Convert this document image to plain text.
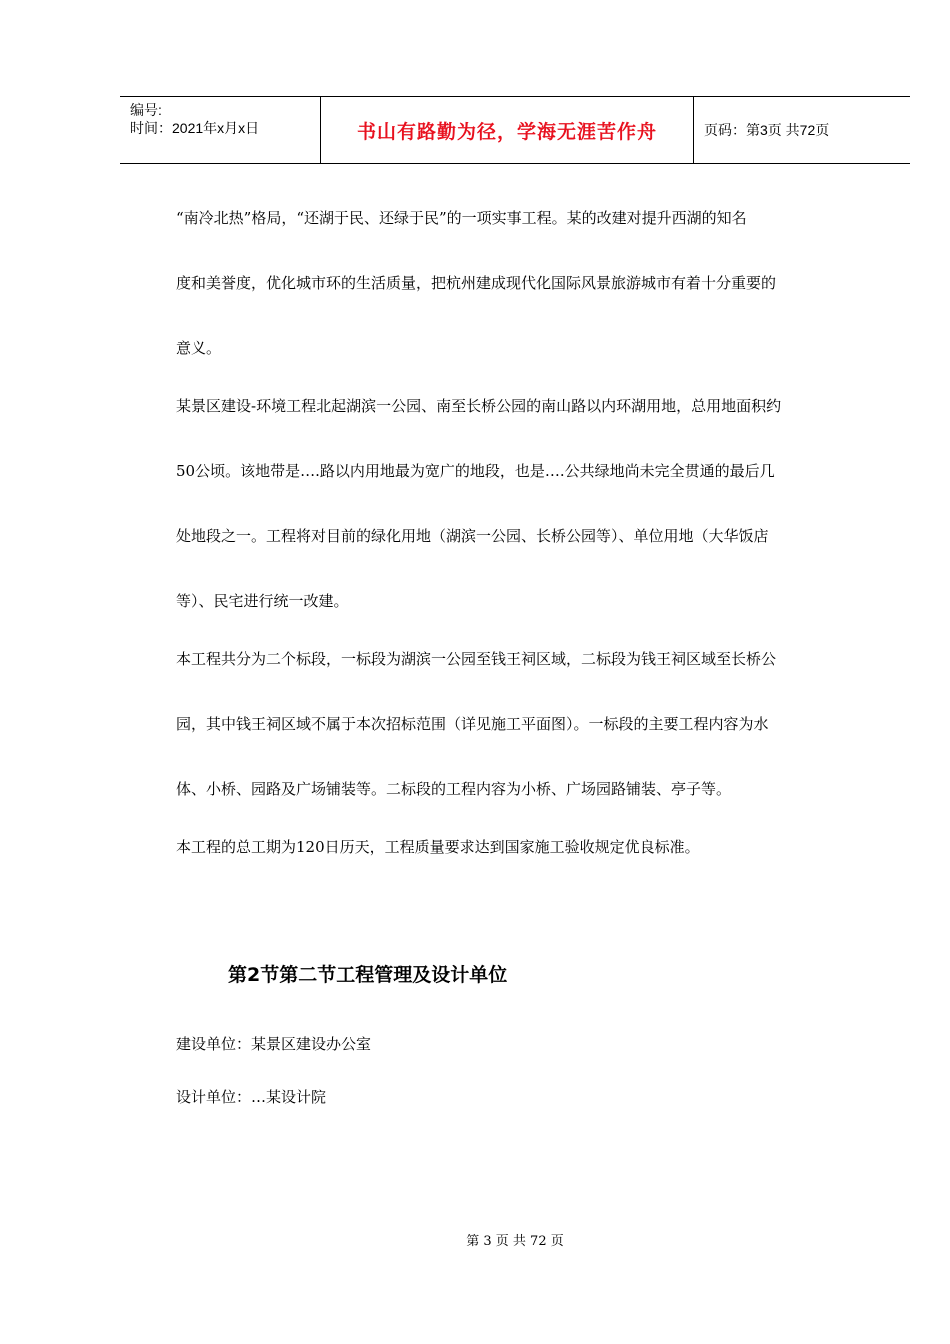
编号:
时间：2021年x月x日	书山有路勤为径，学海无涯苦作舟	页码：第3页 共72页

“南冷北热”格局，“还湖于民、还绿于民”的一项实事工程。某的改建对提升西湖的知名

度和美誉度，优化城市环的生活质量，把杭州建成现代化国际风景旅游城市有着十分重要的

意义。

某景区建设-环境工程北起湖滨一公园、南至长桥公园的南山路以内环湖用地，总用地面积约

50公顷。该地带是….路以内用地最为宽广的地段，也是….公共绿地尚未完全贯通的最后几

处地段之一。工程将对目前的绿化用地（湖滨一公园、长桥公园等）、单位用地（大华饭店

等）、民宅进行统一改建。

本工程共分为二个标段，一标段为湖滨一公园至钱王祠区域，二标段为钱王祠区域至长桥公

园，其中钱王祠区域不属于本次招标范围（详见施工平面图）。一标段的主要工程内容为水

体、小桥、园路及广场铺装等。二标段的工程内容为小桥、广场园路铺装、亭子等。

本工程的总工期为120日历天，工程质量要求达到国家施工验收规定优良标准。

第2节第二节工程管理及设计单位

建设单位：某景区建设办公室

设计单位：…某设计院

第 3 页 共 72 页
